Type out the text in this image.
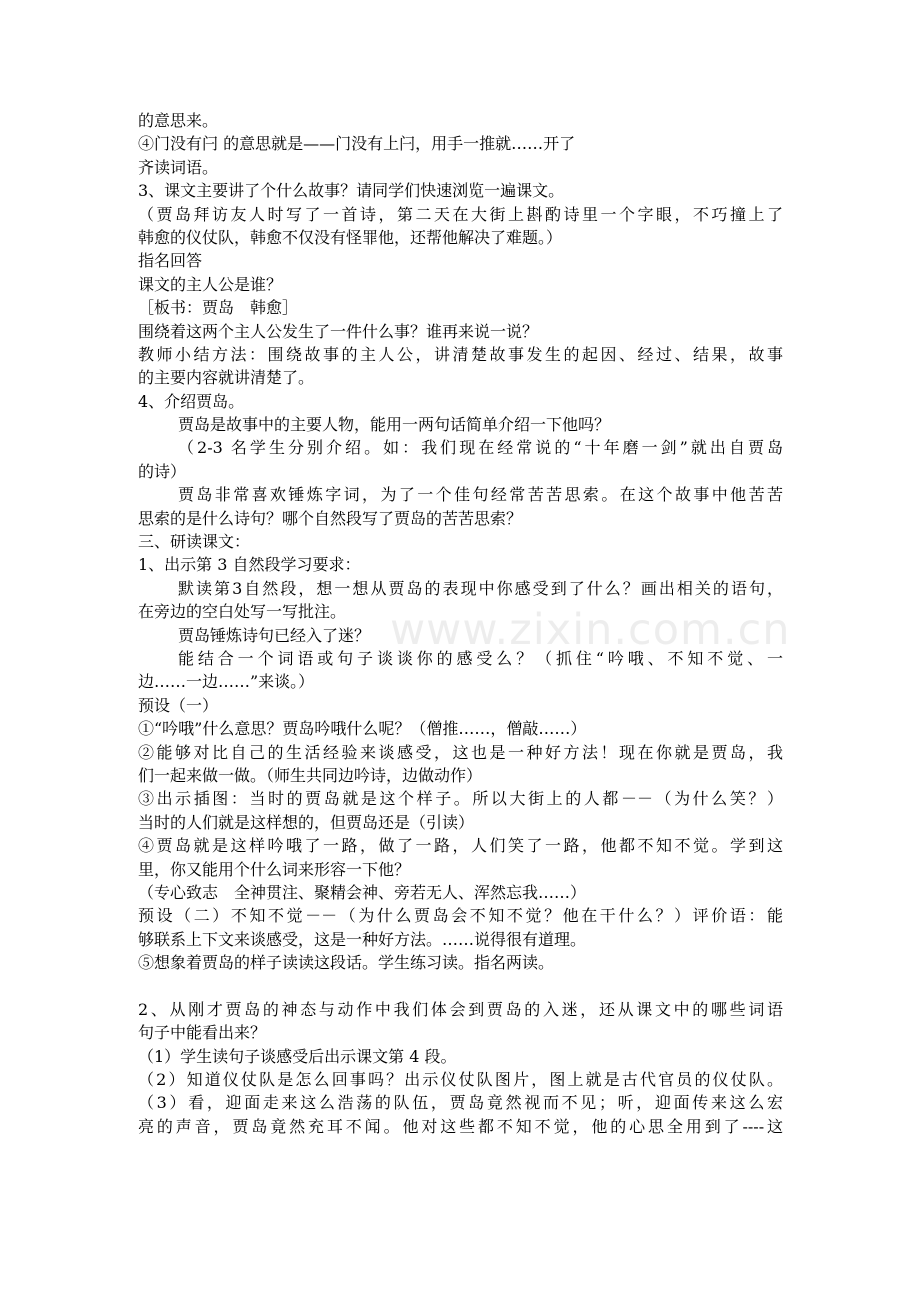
www.zixin.com.cn
的意思来。
④门没有闩 的意思就是——门没有上闩，用手一推就……开了
齐读词语。
3、课文主要讲了个什么故事？请同学们快速浏览一遍课文。
（贾岛拜访友人时写了一首诗，第二天在大街上斟酌诗里一个字眼，不巧撞上了
韩愈的仪仗队，韩愈不仅没有怪罪他，还帮他解决了难题。）
指名回答
课文的主人公是谁？
［板书：贾岛　韩愈］
围绕着这两个主人公发生了一件什么事？谁再来说一说？
教师小结方法：围绕故事的主人公，讲清楚故事发生的起因、经过、结果，故事
的主要内容就讲清楚了。
4、介绍贾岛。
贾岛是故事中的主要人物，能用一两句话简单介绍一下他吗？
（2-3 名学生分别介绍。如：我们现在经常说的“十年磨一剑”就出自贾岛
的诗）
贾岛非常喜欢锤炼字词，为了一个佳句经常苦苦思索。在这个故事中他苦苦
思索的是什么诗句？哪个自然段写了贾岛的苦苦思索？
三、研读课文：
1、出示第 3 自然段学习要求：
默读第3自然段，想一想从贾岛的表现中你感受到了什么？画出相关的语句，
在旁边的空白处写一写批注。
贾岛锤炼诗句已经入了迷？
能结合一个词语或句子谈谈你的感受么？（抓住“吟哦、不知不觉、一
边……一边……”来谈。）
预设（一）
①“吟哦”什么意思？贾岛吟哦什么呢？（僧推……，僧敲……）
②能够对比自己的生活经验来谈感受，这也是一种好方法！现在你就是贾岛，我
们一起来做一做。（师生共同边吟诗，边做动作）
③出示插图：当时的贾岛就是这个样子。所以大街上的人都－－（为什么笑？）
当时的人们就是这样想的，但贾岛还是（引读）
④贾岛就是这样吟哦了一路，做了一路，人们笑了一路，他都不知不觉。学到这
里，你又能用个什么词来形容一下他？
（专心致志　全神贯注、聚精会神、旁若无人、浑然忘我……）
预设（二）不知不觉－－（为什么贾岛会不知不觉？他在干什么？）评价语：能
够联系上下文来谈感受，这是一种好方法。……说得很有道理。
⑤想象着贾岛的样子读读这段话。学生练习读。指名两读。
2、从刚才贾岛的神态与动作中我们体会到贾岛的入迷，还从课文中的哪些词语
句子中能看出来？
（1）学生读句子谈感受后出示课文第 4 段。
（2）知道仪仗队是怎么回事吗？出示仪仗队图片，图上就是古代官员的仪仗队。
（3）看，迎面走来这么浩荡的队伍，贾岛竟然视而不见；听，迎面传来这么宏
亮的声音，贾岛竟然充耳不闻。他对这些都不知不觉，他的心思全用到了----这
